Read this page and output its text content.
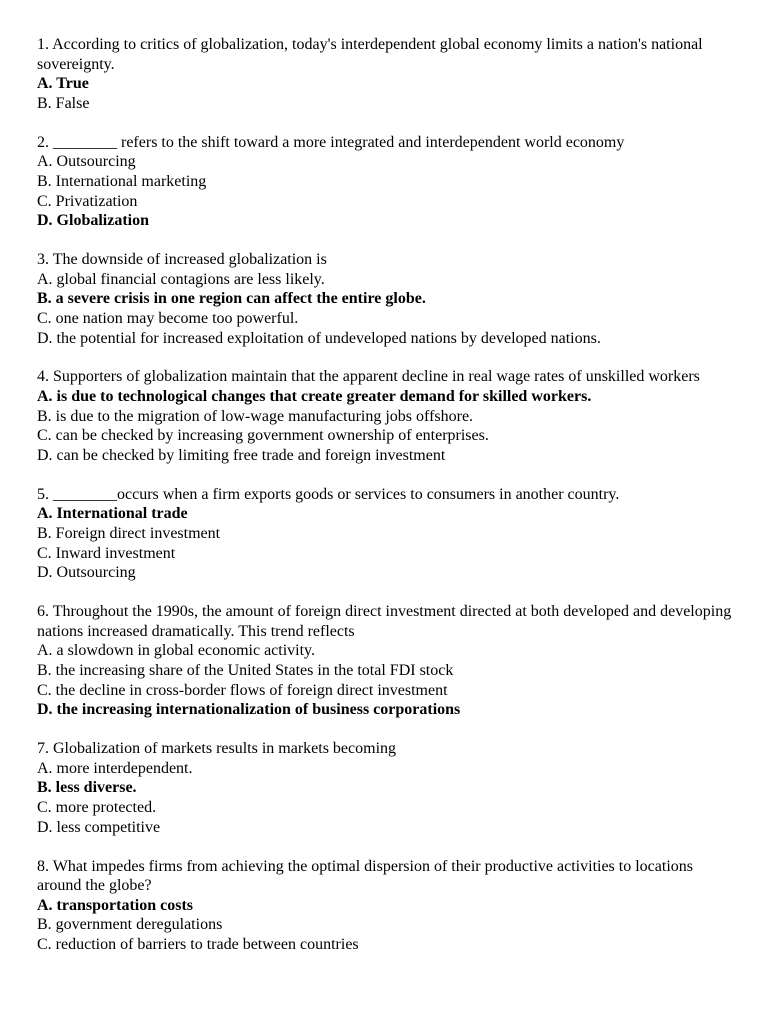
1. According to critics of globalization, today's interdependent global economy limits a nation's national sovereignty.
A. True
B. False
2. ________ refers to the shift toward a more integrated and interdependent world economy
A. Outsourcing
B. International marketing
C. Privatization
D. Globalization
3. The downside of increased globalization is
A. global financial contagions are less likely.
B. a severe crisis in one region can affect the entire globe.
C. one nation may become too powerful.
D. the potential for increased exploitation of undeveloped nations by developed nations.
4. Supporters of globalization maintain that the apparent decline in real wage rates of unskilled workers
A. is due to technological changes that create greater demand for skilled workers.
B. is due to the migration of low-wage manufacturing jobs offshore.
C. can be checked by increasing government ownership of enterprises.
D. can be checked by limiting free trade and foreign investment
5. ________occurs when a firm exports goods or services to consumers in another country.
A. International trade
B. Foreign direct investment
C. Inward investment
D. Outsourcing
6. Throughout the 1990s, the amount of foreign direct investment directed at both developed and developing nations increased dramatically. This trend reflects
A. a slowdown in global economic activity.
B. the increasing share of the United States in the total FDI stock
C. the decline in cross-border flows of foreign direct investment
D. the increasing internationalization of business corporations
7. Globalization of markets results in markets becoming
A. more interdependent.
B. less diverse.
C. more protected.
D. less competitive
8. What impedes firms from achieving the optimal dispersion of their productive activities to locations around the globe?
A. transportation costs
B. government deregulations
C. reduction of barriers to trade between countries
